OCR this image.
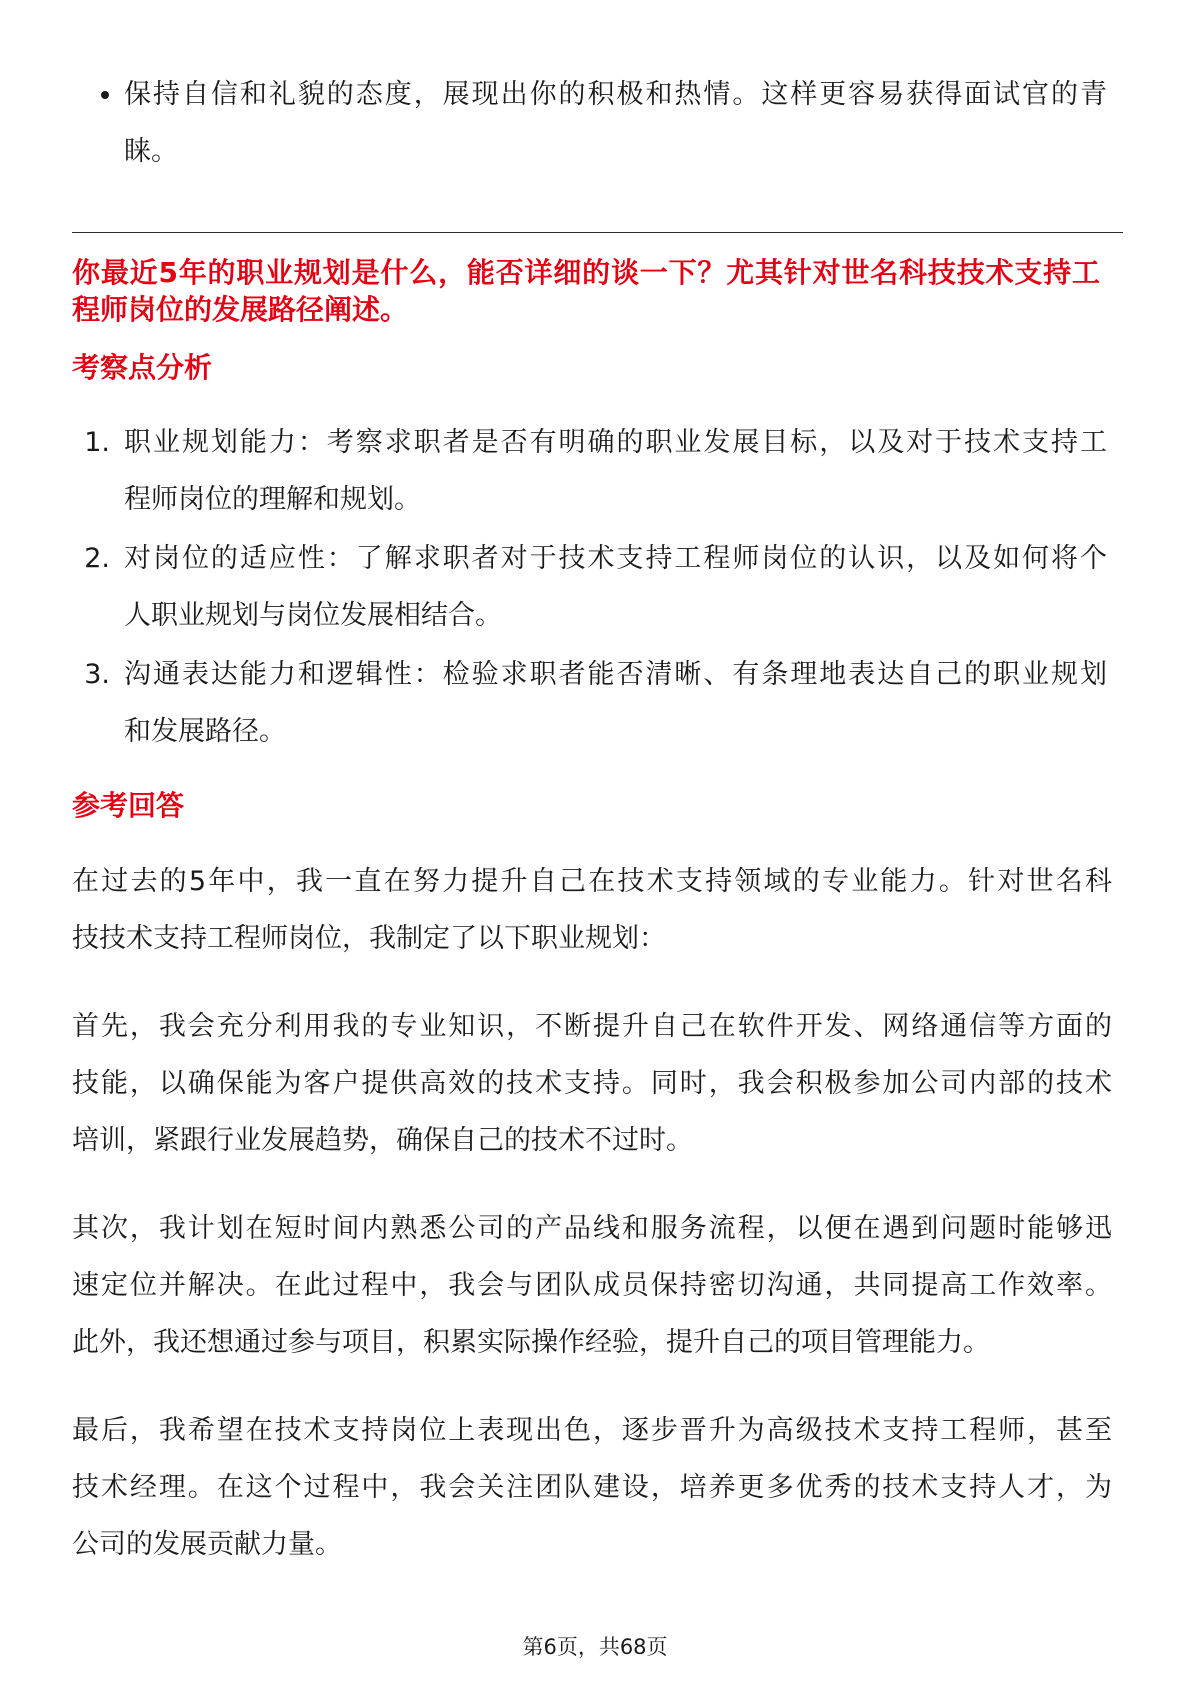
保持自信和礼貌的态度，展现出你的积极和热情。这样更容易获得面试官的青
睐。
你最近5年的职业规划是什么，能否详细的谈一下？尤其针对世名科技技术支持工
程师岗位的发展路径阐述。
考察点分析
1. 职业规划能力：考察求职者是否有明确的职业发展目标，以及对于技术支持工
程师岗位的理解和规划。
2. 对岗位的适应性：了解求职者对于技术支持工程师岗位的认识，以及如何将个
人职业规划与岗位发展相结合。
3. 沟通表达能力和逻辑性：检验求职者能否清晰、有条理地表达自己的职业规划
和发展路径。
参考回答
在过去的5年中，我一直在努力提升自己在技术支持领域的专业能力。针对世名科
技技术支持工程师岗位，我制定了以下职业规划：
首先，我会充分利用我的专业知识，不断提升自己在软件开发、网络通信等方面的
技能，以确保能为客户提供高效的技术支持。同时，我会积极参加公司内部的技术
培训，紧跟行业发展趋势，确保自己的技术不过时。
其次，我计划在短时间内熟悉公司的产品线和服务流程，以便在遇到问题时能够迅
速定位并解决。在此过程中，我会与团队成员保持密切沟通，共同提高工作效率。
此外，我还想通过参与项目，积累实际操作经验，提升自己的项目管理能力。
最后，我希望在技术支持岗位上表现出色，逐步晋升为高级技术支持工程师，甚至
技术经理。在这个过程中，我会关注团队建设，培养更多优秀的技术支持人才，为
公司的发展贡献力量。
第6页，共68页
